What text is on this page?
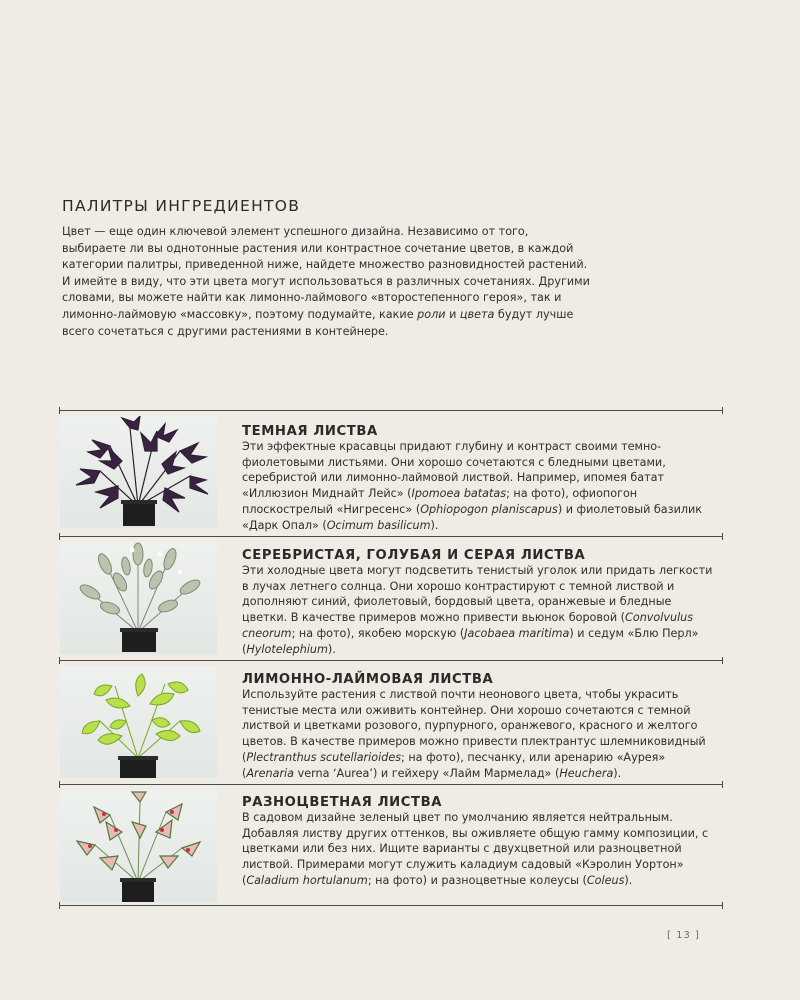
ПАЛИТРЫ ИНГРЕДИЕНТОВ
Цвет — еще один ключевой элемент успешного дизайна. Независимо от того, выбираете ли вы однотонные растения или контрастное сочетание цветов, в каждой категории палитры, приведенной ниже, найдете множество разновидностей растений. И имейте в виду, что эти цвета могут использоваться в различных сочетаниях. Другими словами, вы можете найти как лимонно-лаймового «второстепенного героя», так и лимонно-лаймовую «массовку», поэтому подумайте, какие роли и цвета будут лучше всего сочетаться с другими растениями в контейнере.
ТЕМНАЯ ЛИСТВА
Эти эффектные красавцы придают глубину и контраст своими темно-фиолетовыми листьями. Они хорошо сочетаются с бледными цветами, серебристой или лимонно-лаймовой листвой. Например, ипомея батат «Иллюзион Миднайт Лейс» (Ipomoea batatas; на фото), офиопогон плоскострелый «Нигресенс» (Ophiopogon planiscapus) и фиолетовый базилик «Дарк Опал» (Ocimum basilicum).
СЕРЕБРИСТАЯ, ГОЛУБАЯ И СЕРАЯ ЛИСТВА
Эти холодные цвета могут подсветить тенистый уголок или придать легкости в лучах летнего солнца. Они хорошо контрастируют с темной листвой и дополняют синий, фиолетовый, бордовый цвета, оранжевые и бледные цветки. В качестве примеров можно привести вьюнок боровой (Convolvulus cneorum; на фото), якобею морскую (Jacobaea maritima) и седум «Блю Перл» (Hylotelephium).
ЛИМОННО-ЛАЙМОВАЯ ЛИСТВА
Используйте растения с листвой почти неонового цвета, чтобы украсить тенистые места или оживить контейнер. Они хорошо сочетаются с темной листвой и цветками розового, пурпурного, оранжевого, красного и желтого цветов. В качестве примеров можно привести плектрантус шлемниковидный (Plectranthus scutellarioides; на фото), песчанку, или аренарию «Аурея» (Arenaria verna ‘Aurea’) и гейхеру «Лайм Мармелад» (Heuchera).
РАЗНОЦВЕТНАЯ ЛИСТВА
В садовом дизайне зеленый цвет по умолчанию является нейтральным. Добавляя листву других оттенков, вы оживляете общую гамму композиции, с цветками или без них. Ищите варианты с двухцветной или разноцветной листвой. Примерами могут служить каладиум садовый «Кэролин Уортон» (Caladium hortulanum; на фото) и разноцветные колеусы (Coleus).
[ 13 ]
